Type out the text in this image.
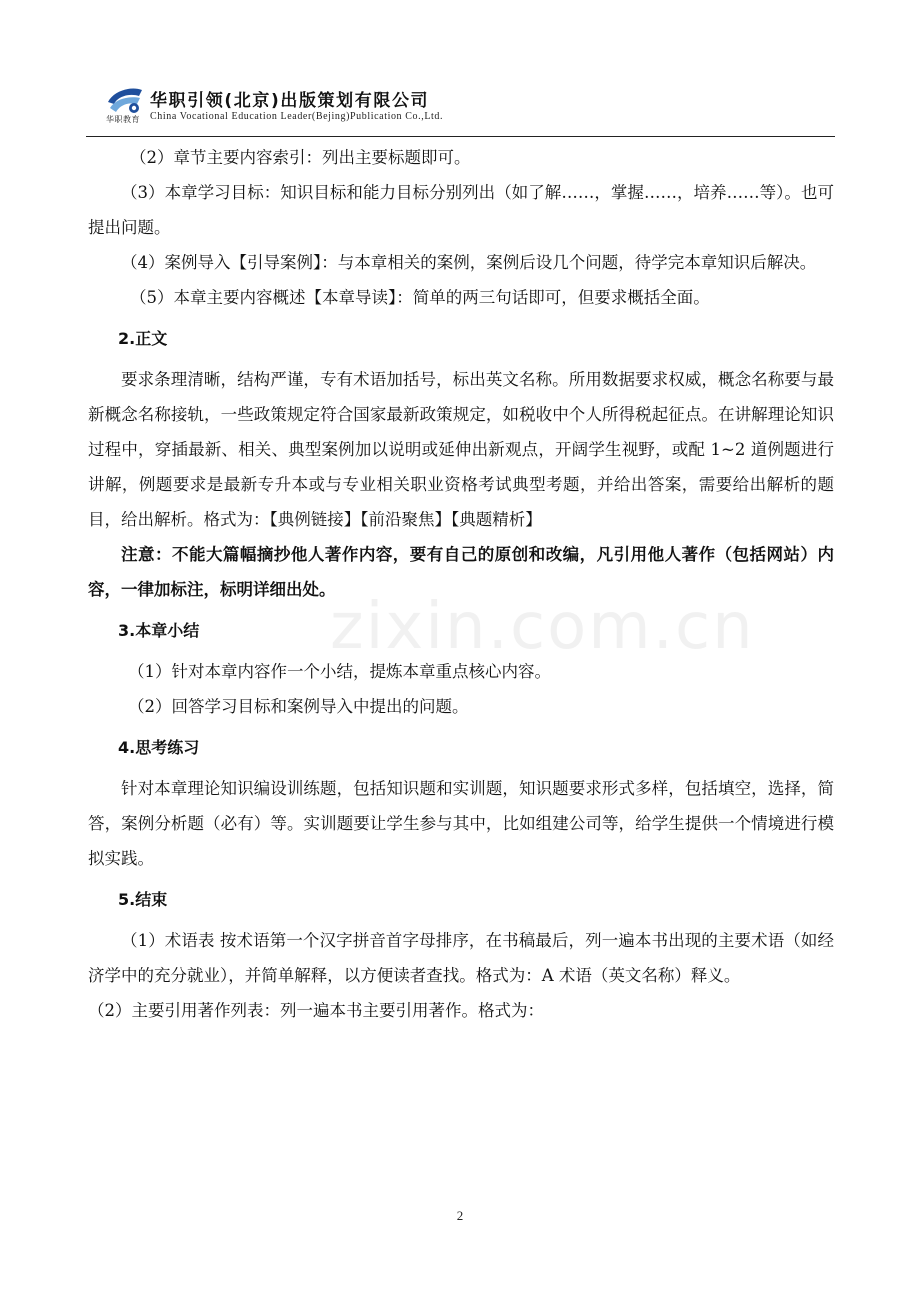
华职教育
华职引领(北京)出版策划有限公司
China Vocational Education Leader(Bejing)Publication Co.,Ltd.
zixin.com.cn

（2）章节主要内容索引：列出主要标题即可。

（3）本章学习目标：知识目标和能力目标分别列出（如了解……，掌握……，培养……等）。也可提出问题。

（4）案例导入【引导案例】：与本章相关的案例，案例后设几个问题，待学完本章知识后解决。

（5）本章主要内容概述【本章导读】：简单的两三句话即可，但要求概括全面。

2.正文

要求条理清晰，结构严谨，专有术语加括号，标出英文名称。所用数据要求权威，概念名称要与最新概念名称接轨，一些政策规定符合国家最新政策规定，如税收中个人所得税起征点。在讲解理论知识过程中，穿插最新、相关、典型案例加以说明或延伸出新观点，开阔学生视野，或配 1~2 道例题进行讲解，例题要求是最新专升本或与专业相关职业资格考试典型考题，并给出答案，需要给出解析的题目，给出解析。格式为：【典例链接】【前沿聚焦】【典题精析】

注意：不能大篇幅摘抄他人著作内容，要有自己的原创和改编，凡引用他人著作（包括网站）内容，一律加标注，标明详细出处。

3.本章小结

（1）针对本章内容作一个小结，提炼本章重点核心内容。

（2）回答学习目标和案例导入中提出的问题。

4.思考练习

针对本章理论知识编设训练题，包括知识题和实训题，知识题要求形式多样，包括填空，选择，简答，案例分析题（必有）等。实训题要让学生参与其中，比如组建公司等，给学生提供一个情境进行模拟实践。

5.结束

（1）术语表 按术语第一个汉字拼音首字母排序，在书稿最后，列一遍本书出现的主要术语（如经济学中的充分就业），并简单解释，以方便读者查找。格式为：A 术语（英文名称）释义。

（2）主要引用著作列表：列一遍本书主要引用著作。格式为：

2
